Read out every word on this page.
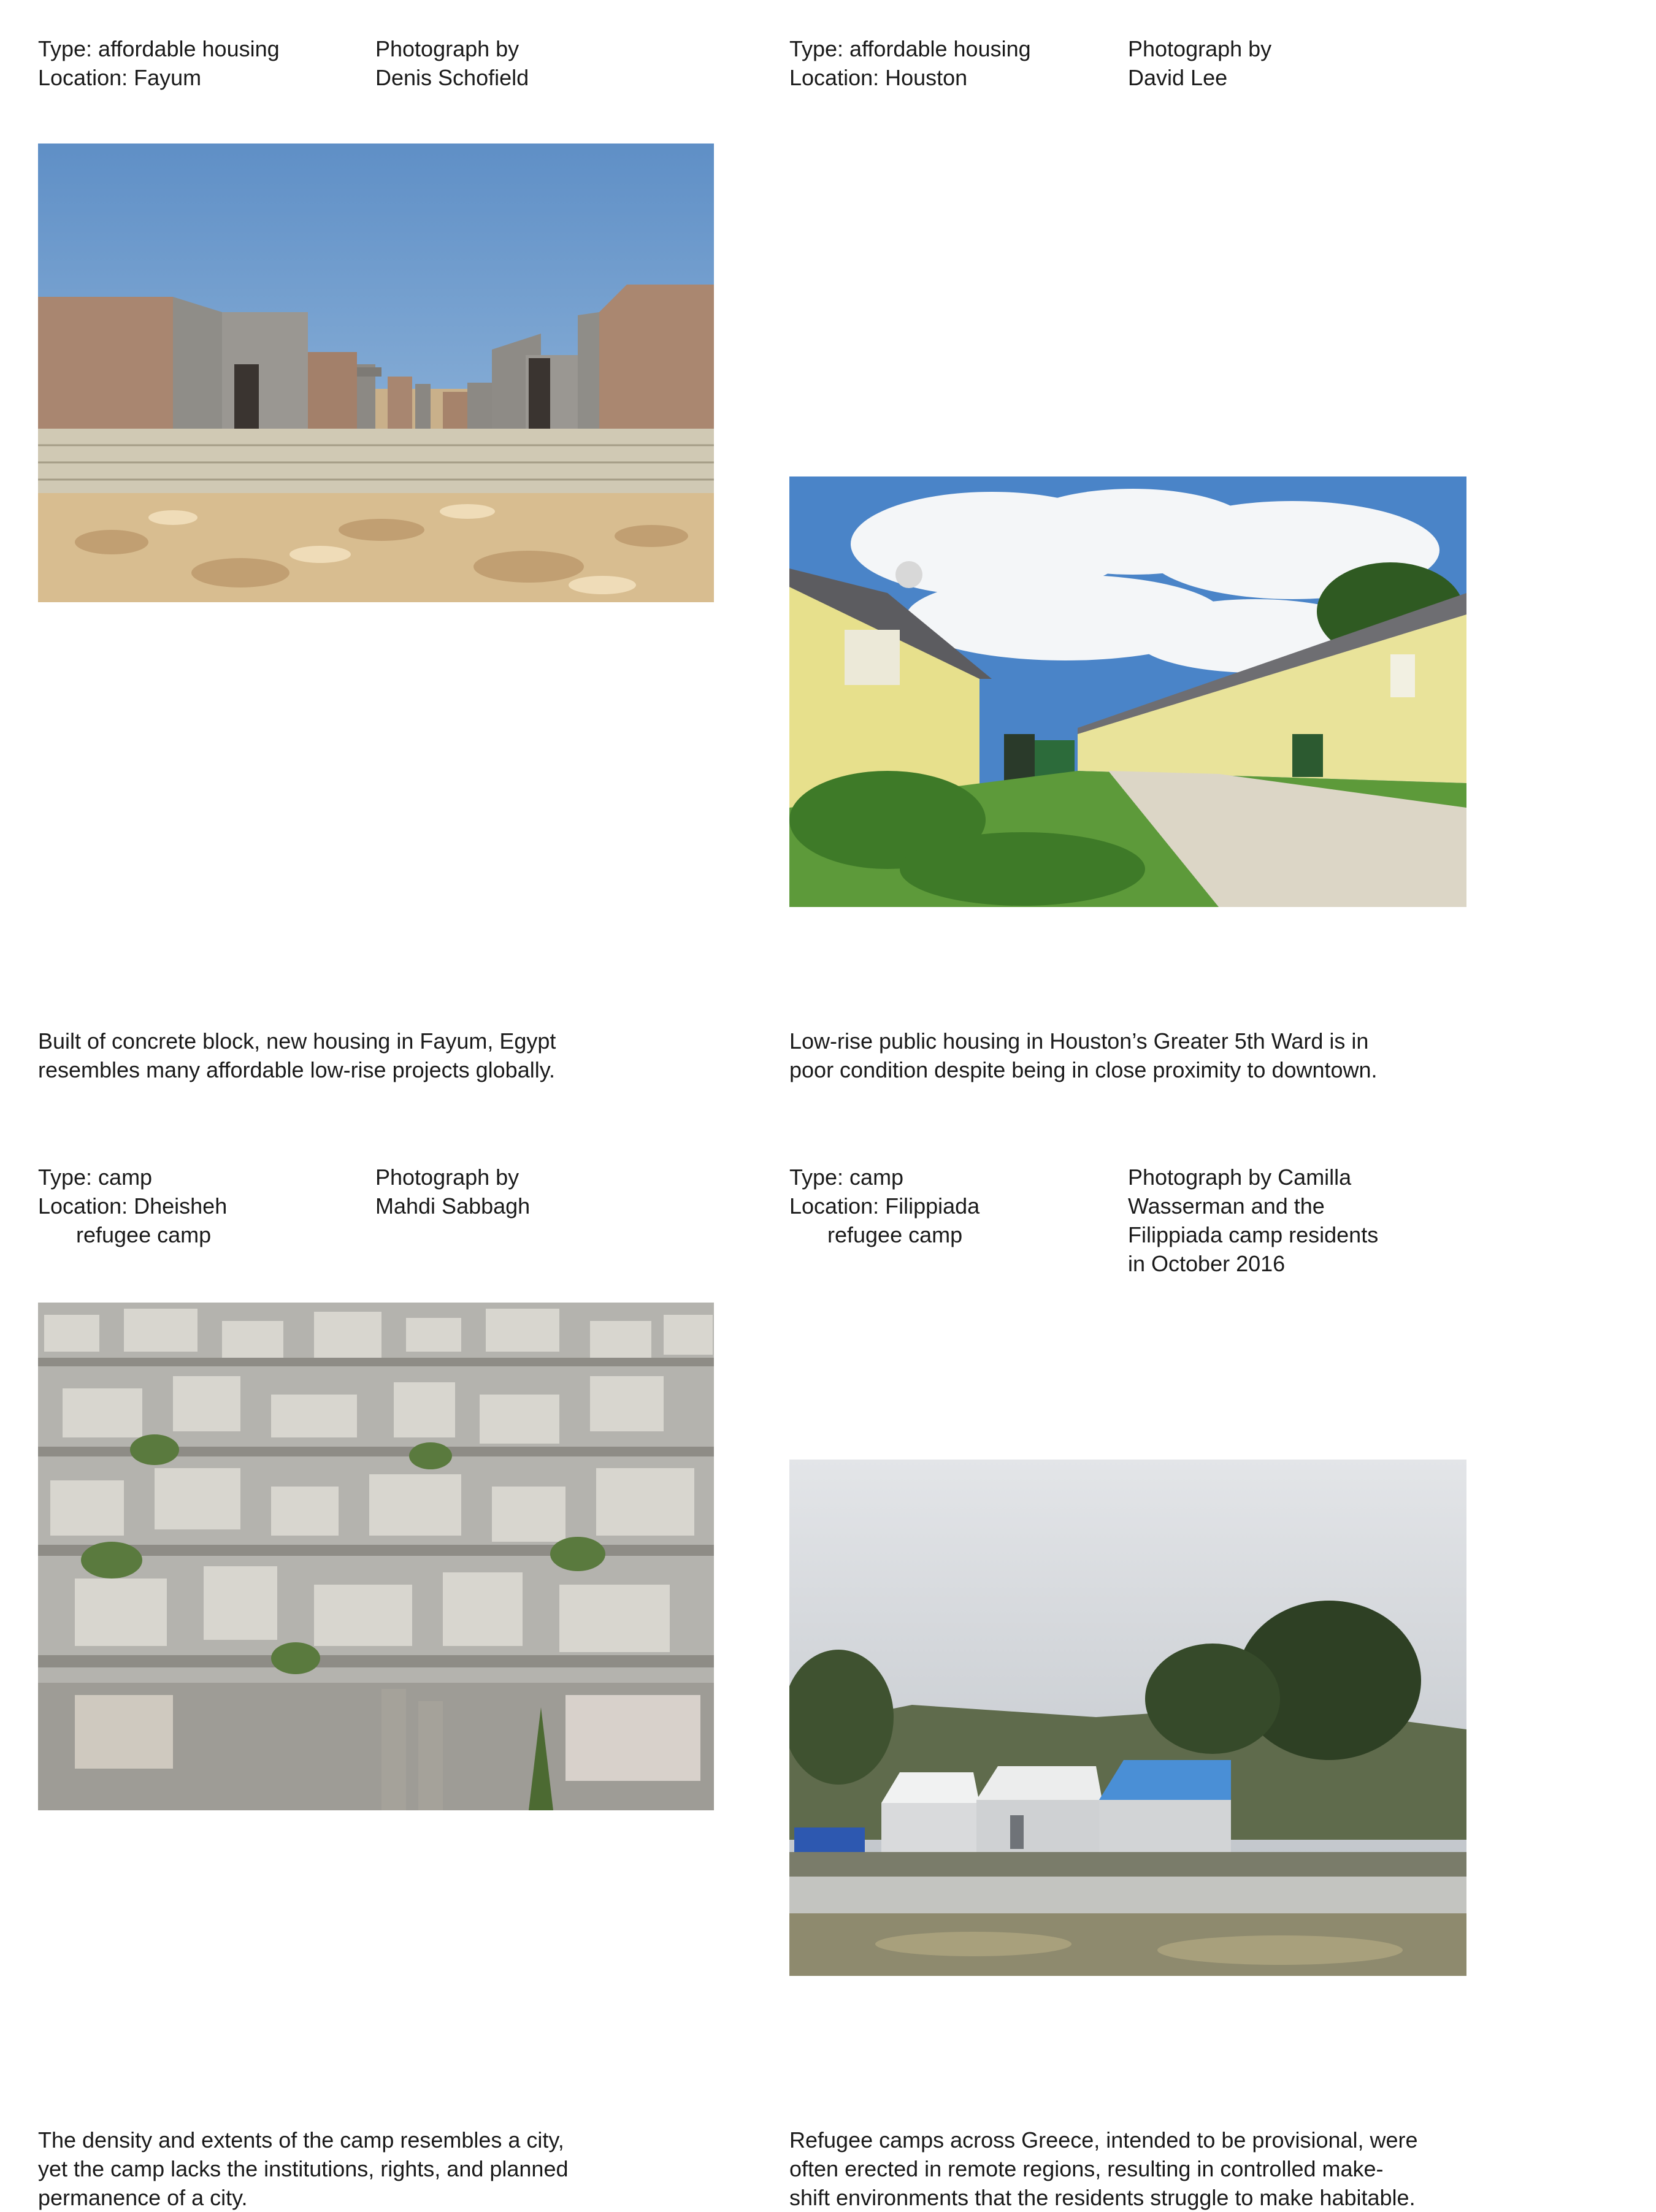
Type: affordable housing
Location: Fayum
Photograph by
Denis Schofield
Built of concrete block, new housing in Fayum, Egypt
resembles many affordable low-rise projects globally.
Type: affordable housing
Location: Houston
Photograph by
David Lee
Low-rise public housing in Houston’s Greater 5th Ward is in
poor condition despite being in close proximity to downtown.
Type: camp
Location: Dheisheh
refugee camp
Photograph by
Mahdi Sabbagh
The density and extents of the camp resembles a city,
yet the camp lacks the institutions, rights, and planned
permanence of a city.
Type: camp
Location: Filippiada
refugee camp
Photograph by Camilla
Wasserman and the
Filippiada camp residents
in October 2016
Refugee camps across Greece, intended to be provisional, were
often erected in remote regions, resulting in controlled make-
shift environments that the residents struggle to make habitable.
